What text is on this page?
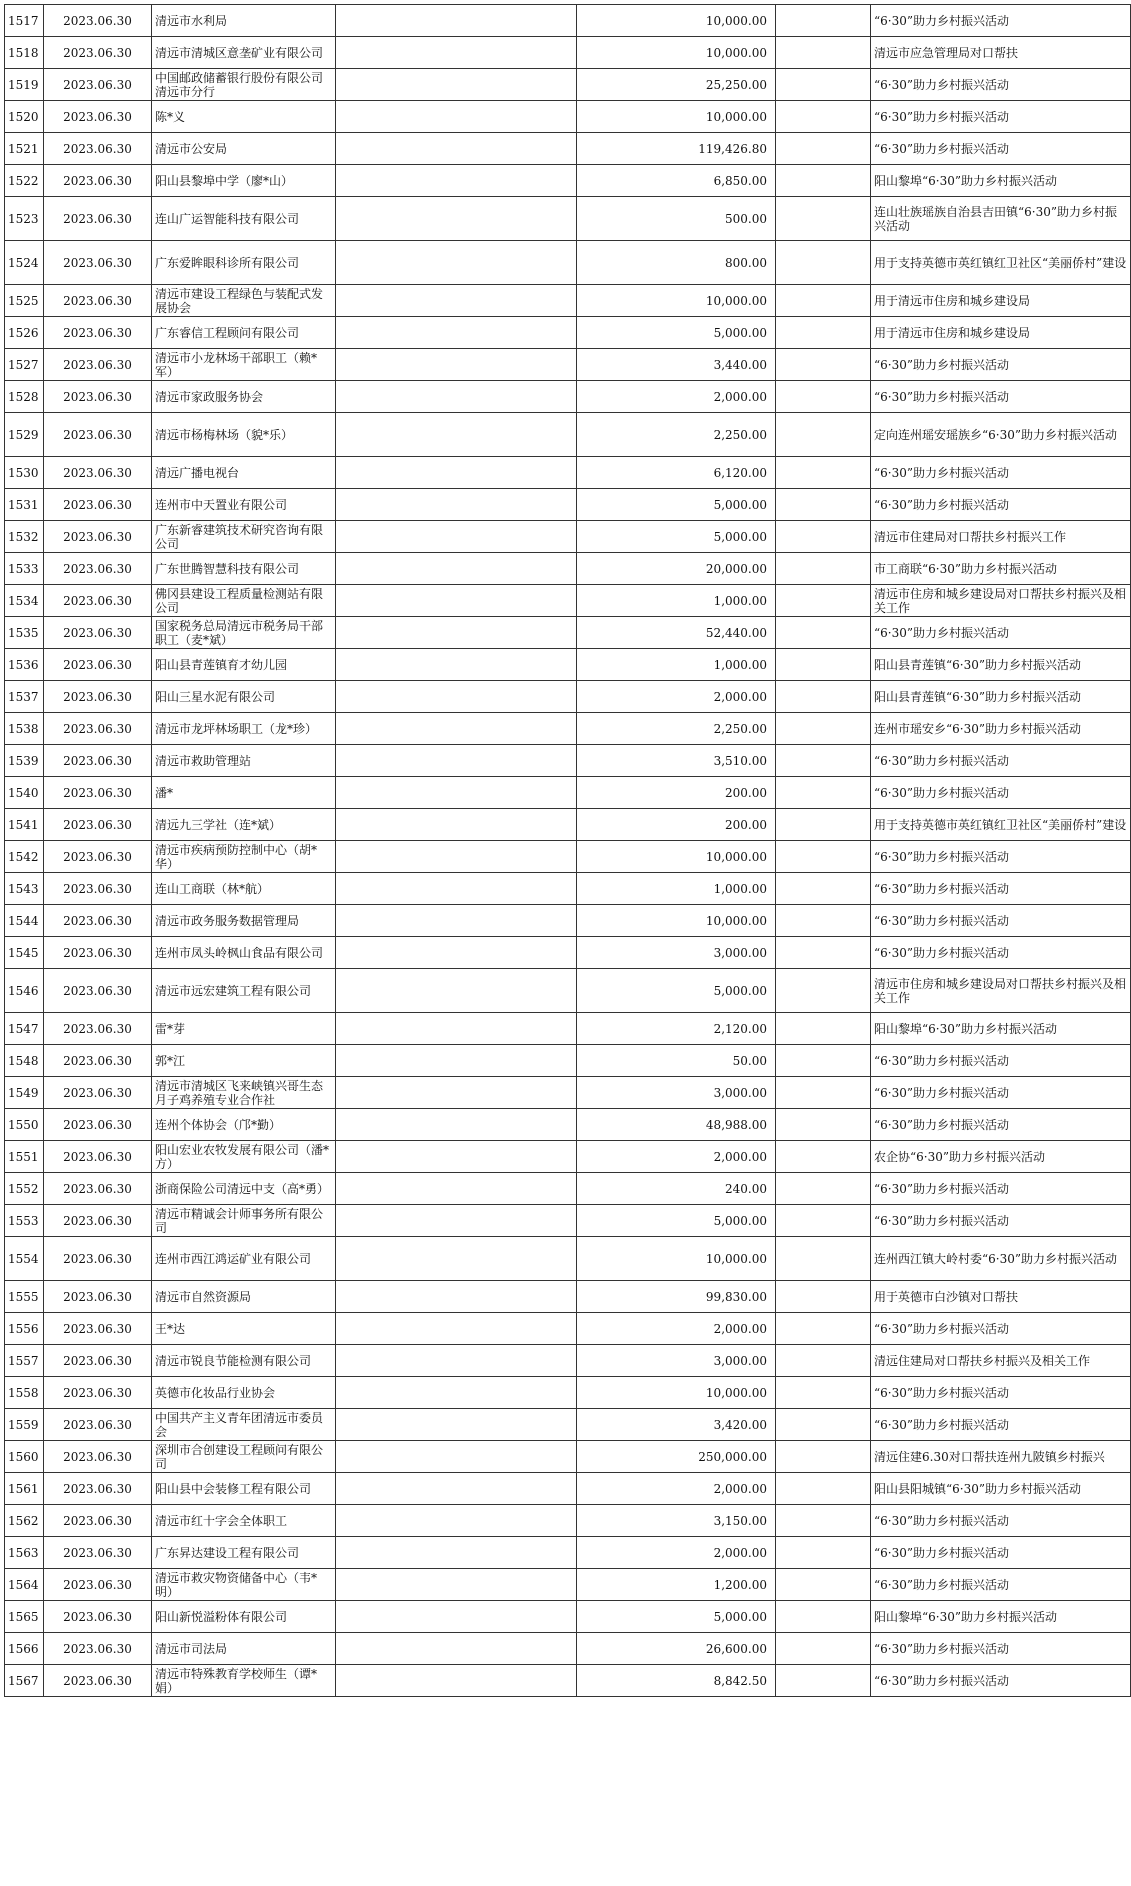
1517	2023.06.30	清远市水利局		10,000.00		“6·30”助力乡村振兴活动
1518	2023.06.30	清远市清城区意垄矿业有限公司		10,000.00		清远市应急管理局对口帮扶
1519	2023.06.30	中国邮政储蓄银行股份有限公司清远市分行		25,250.00		“6·30”助力乡村振兴活动
1520	2023.06.30	陈*义		10,000.00		“6·30”助力乡村振兴活动
1521	2023.06.30	清远市公安局		119,426.80		“6·30”助力乡村振兴活动
1522	2023.06.30	阳山县黎埠中学（廖*山）		6,850.00		阳山黎埠“6·30”助力乡村振兴活动
1523	2023.06.30	连山广运智能科技有限公司		500.00		连山壮族瑶族自治县吉田镇“6·30”助力乡村振兴活动
1524	2023.06.30	广东爱眸眼科诊所有限公司		800.00		用于支持英德市英红镇红卫社区“美丽侨村”建设
1525	2023.06.30	清远市建设工程绿色与装配式发展协会		10,000.00		用于清远市住房和城乡建设局
1526	2023.06.30	广东睿信工程顾问有限公司		5,000.00		用于清远市住房和城乡建设局
1527	2023.06.30	清远市小龙林场干部职工（赖*军）		3,440.00		“6·30”助力乡村振兴活动
1528	2023.06.30	清远市家政服务协会		2,000.00		“6·30”助力乡村振兴活动
1529	2023.06.30	清远市杨梅林场（貌*乐）		2,250.00		定向连州瑶安瑶族乡“6·30”助力乡村振兴活动
1530	2023.06.30	清远广播电视台		6,120.00		“6·30”助力乡村振兴活动
1531	2023.06.30	连州市中天置业有限公司		5,000.00		“6·30”助力乡村振兴活动
1532	2023.06.30	广东新睿建筑技术研究咨询有限公司		5,000.00		清远市住建局对口帮扶乡村振兴工作
1533	2023.06.30	广东世腾智慧科技有限公司		20,000.00		市工商联“6·30”助力乡村振兴活动
1534	2023.06.30	佛冈县建设工程质量检测站有限公司		1,000.00		清远市住房和城乡建设局对口帮扶乡村振兴及相关工作
1535	2023.06.30	国家税务总局清远市税务局干部职工（麦*斌）		52,440.00		“6·30”助力乡村振兴活动
1536	2023.06.30	阳山县青莲镇育才幼儿园		1,000.00		阳山县青莲镇“6·30”助力乡村振兴活动
1537	2023.06.30	阳山三星水泥有限公司		2,000.00		阳山县青莲镇“6·30”助力乡村振兴活动
1538	2023.06.30	清远市龙坪林场职工（龙*珍）		2,250.00		连州市瑶安乡“6·30”助力乡村振兴活动
1539	2023.06.30	清远市救助管理站		3,510.00		“6·30”助力乡村振兴活动
1540	2023.06.30	潘*		200.00		“6·30”助力乡村振兴活动
1541	2023.06.30	清远九三学社（连*斌）		200.00		用于支持英德市英红镇红卫社区“美丽侨村”建设
1542	2023.06.30	清远市疾病预防控制中心（胡*华）		10,000.00		“6·30”助力乡村振兴活动
1543	2023.06.30	连山工商联（林*航）		1,000.00		“6·30”助力乡村振兴活动
1544	2023.06.30	清远市政务服务数据管理局		10,000.00		“6·30”助力乡村振兴活动
1545	2023.06.30	连州市凤头岭枫山食品有限公司		3,000.00		“6·30”助力乡村振兴活动
1546	2023.06.30	清远市远宏建筑工程有限公司		5,000.00		清远市住房和城乡建设局对口帮扶乡村振兴及相关工作
1547	2023.06.30	雷*芽		2,120.00		阳山黎埠“6·30”助力乡村振兴活动
1548	2023.06.30	郭*江		50.00		“6·30”助力乡村振兴活动
1549	2023.06.30	清远市清城区飞来峡镇兴哥生态月子鸡养殖专业合作社		3,000.00		“6·30”助力乡村振兴活动
1550	2023.06.30	连州个体协会（邝*勤）		48,988.00		“6·30”助力乡村振兴活动
1551	2023.06.30	阳山宏业农牧发展有限公司（潘*方）		2,000.00		农企协“6·30”助力乡村振兴活动
1552	2023.06.30	浙商保险公司清远中支（高*勇）		240.00		“6·30”助力乡村振兴活动
1553	2023.06.30	清远市精诚会计师事务所有限公司		5,000.00		“6·30”助力乡村振兴活动
1554	2023.06.30	连州市西江鸿运矿业有限公司		10,000.00		连州西江镇大岭村委“6·30”助力乡村振兴活动
1555	2023.06.30	清远市自然资源局		99,830.00		用于英德市白沙镇对口帮扶
1556	2023.06.30	王*达		2,000.00		“6·30”助力乡村振兴活动
1557	2023.06.30	清远市锐良节能检测有限公司		3,000.00		清远住建局对口帮扶乡村振兴及相关工作
1558	2023.06.30	英德市化妆品行业协会		10,000.00		“6·30”助力乡村振兴活动
1559	2023.06.30	中国共产主义青年团清远市委员会		3,420.00		“6·30”助力乡村振兴活动
1560	2023.06.30	深圳市合创建设工程顾问有限公司		250,000.00		清远住建6.30对口帮扶连州九陂镇乡村振兴
1561	2023.06.30	阳山县中会装修工程有限公司		2,000.00		阳山县阳城镇“6·30”助力乡村振兴活动
1562	2023.06.30	清远市红十字会全体职工		3,150.00		“6·30”助力乡村振兴活动
1563	2023.06.30	广东昇达建设工程有限公司		2,000.00		“6·30”助力乡村振兴活动
1564	2023.06.30	清远市救灾物资储备中心（韦*明）		1,200.00		“6·30”助力乡村振兴活动
1565	2023.06.30	阳山新悦溢粉体有限公司		5,000.00		阳山黎埠“6·30”助力乡村振兴活动
1566	2023.06.30	清远市司法局		26,600.00		“6·30”助力乡村振兴活动
1567	2023.06.30	清远市特殊教育学校师生（谭*娟）		8,842.50		“6·30”助力乡村振兴活动
